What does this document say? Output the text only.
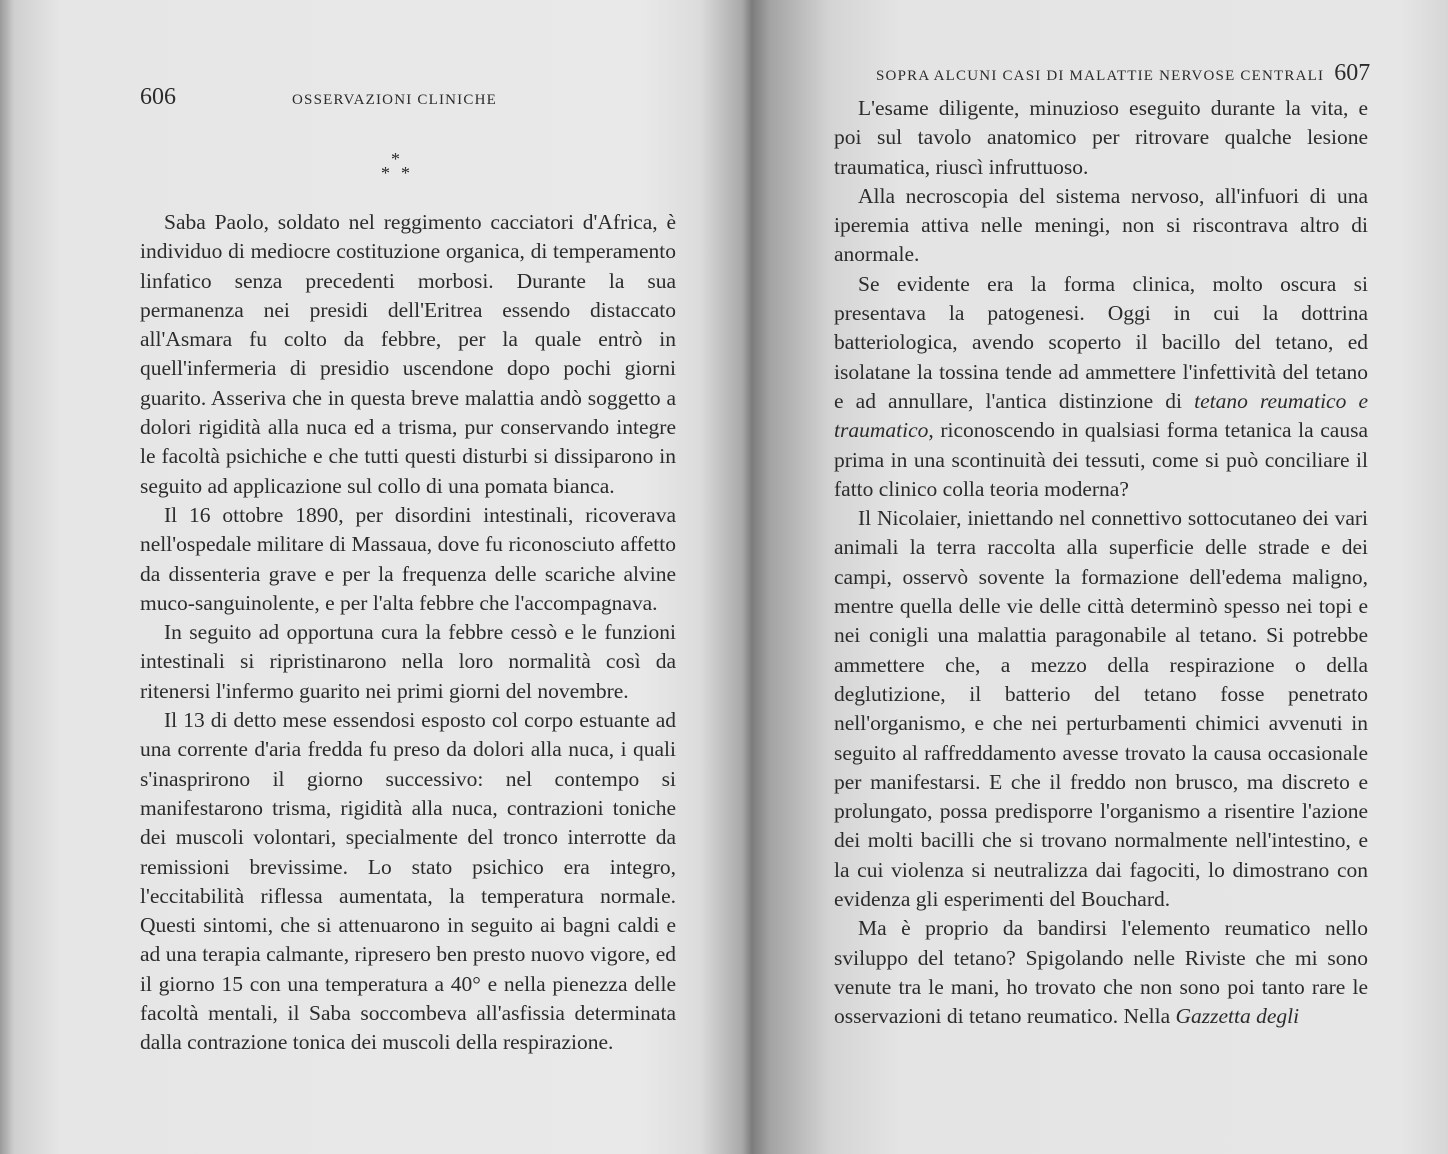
606	OSSERVAZIONI CLINICHE
*
* *

Saba Paolo, soldato nel reggimento cacciatori d'Africa, è individuo di mediocre costituzione organica, di temperamento linfatico senza precedenti morbosi. Durante la sua permanenza nei presidi dell'Eritrea essendo distaccato all'Asmara fu colto da febbre, per la quale entrò in quell'infermeria di presidio uscendone dopo pochi giorni guarito. Asseriva che in questa breve malattia andò soggetto a dolori rigidità alla nuca ed a trisma, pur conservando integre le facoltà psichiche e che tutti questi disturbi si dissiparono in seguito ad applicazione sul collo di una pomata bianca.

Il 16 ottobre 1890, per disordini intestinali, ricoverava nell'ospedale militare di Massaua, dove fu riconosciuto affetto da dissenteria grave e per la frequenza delle scariche alvine muco-sanguinolente, e per l'alta febbre che l'accompagnava.

In seguito ad opportuna cura la febbre cessò e le funzioni intestinali si ripristinarono nella loro normalità così da ritenersi l'infermo guarito nei primi giorni del novembre.

Il 13 di detto mese essendosi esposto col corpo estuante ad una corrente d'aria fredda fu preso da dolori alla nuca, i quali s'inasprirono il giorno successivo: nel contempo si manifestarono trisma, rigidità alla nuca, contrazioni toniche dei muscoli volontari, specialmente del tronco interrotte da remissioni brevissime. Lo stato psichico era integro, l'eccitabilità riflessa aumentata, la temperatura normale. Questi sintomi, che si attenuarono in seguito ai bagni caldi e ad una terapia calmante, ripresero ben presto nuovo vigore, ed il giorno 15 con una temperatura a 40° e nella pienezza delle facoltà mentali, il Saba soccombeva all'asfissia determinata dalla contrazione tonica dei muscoli della respirazione.

SOPRA ALCUNI CASI DI MALATTIE NERVOSE CENTRALI 607

L'esame diligente, minuzioso eseguito durante la vita, e poi sul tavolo anatomico per ritrovare qualche lesione traumatica, riuscì infruttuoso.

Alla necroscopia del sistema nervoso, all'infuori di una iperemia attiva nelle meningi, non si riscontrava altro di anormale.

Se evidente era la forma clinica, molto oscura si presentava la patogenesi. Oggi in cui la dottrina batteriologica, avendo scoperto il bacillo del tetano, ed isolatane la tossina tende ad ammettere l'infettività del tetano e ad annullare, l'antica distinzione di tetano reumatico e traumatico, riconoscendo in qualsiasi forma tetanica la causa prima in una scontinuità dei tessuti, come si può conciliare il fatto clinico colla teoria moderna?

Il Nicolaier, iniettando nel connettivo sottocutaneo dei vari animali la terra raccolta alla superficie delle strade e dei campi, osservò sovente la formazione dell'edema maligno, mentre quella delle vie delle città determinò spesso nei topi e nei conigli una malattia paragonabile al tetano. Si potrebbe ammettere che, a mezzo della respirazione o della deglutizione, il batterio del tetano fosse penetrato nell'organismo, e che nei perturbamenti chimici avvenuti in seguito al raffreddamento avesse trovato la causa occasionale per manifestarsi. E che il freddo non brusco, ma discreto e prolungato, possa predisporre l'organismo a risentire l'azione dei molti bacilli che si trovano normalmente nell'intestino, e la cui violenza si neutralizza dai fagociti, lo dimostrano con evidenza gli esperimenti del Bouchard.

Ma è proprio da bandirsi l'elemento reumatico nello sviluppo del tetano? Spigolando nelle Riviste che mi sono venute tra le mani, ho trovato che non sono poi tanto rare le osservazioni di tetano reumatico. Nella Gazzetta degli
